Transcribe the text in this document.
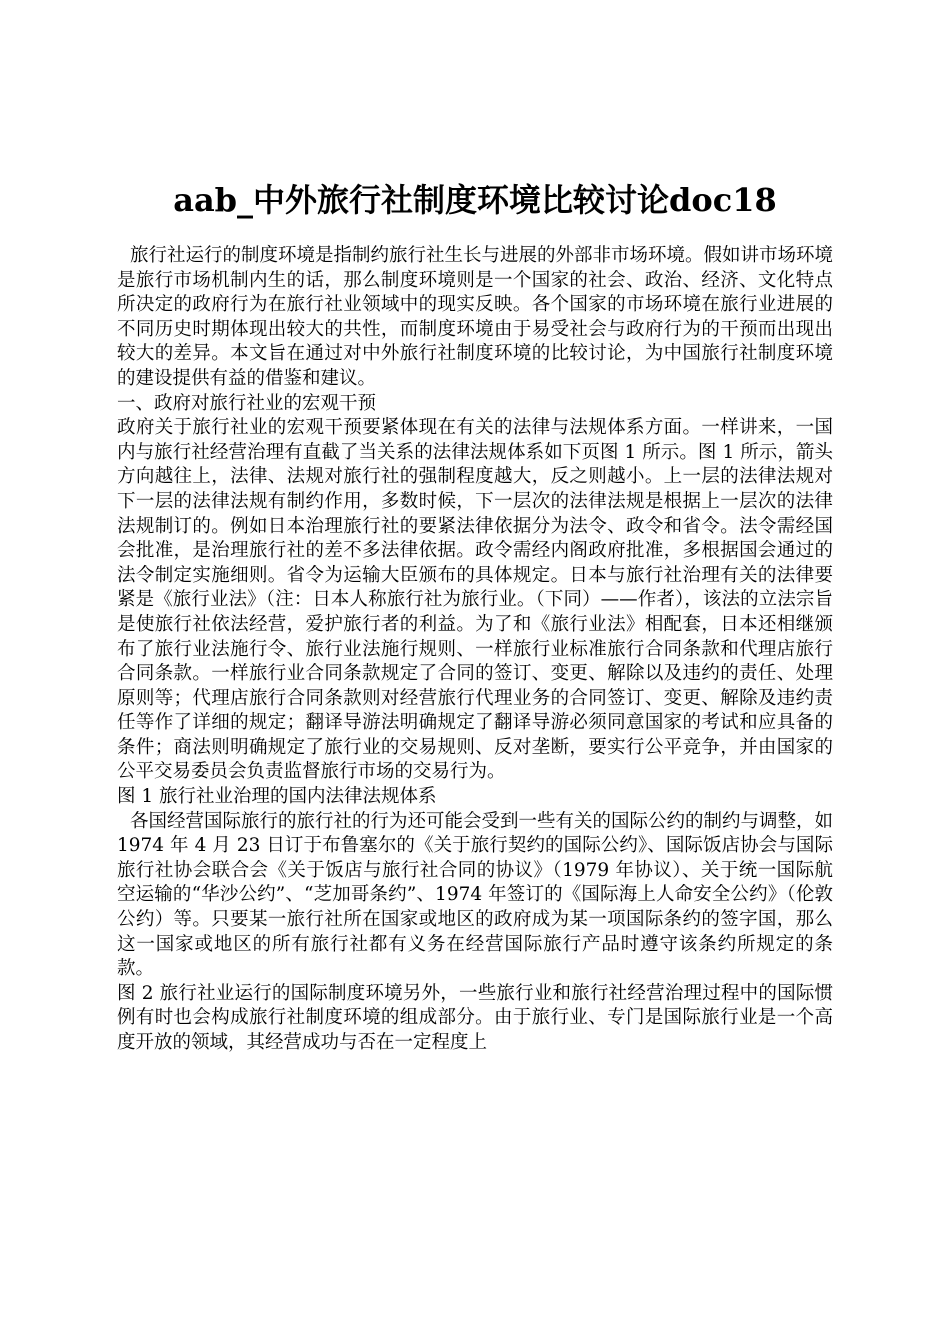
aab_中外旅行社制度环境比较讨论doc18

旅行社运行的制度环境是指制约旅行社生长与进展的外部非市场环境。假如讲市场环境是旅行市场机制内生的话，那么制度环境则是一个国家的社会、政治、经济、文化特点所决定的政府行为在旅行社业领域中的现实反映。各个国家的市场环境在旅行业进展的不同历史时期体现出较大的共性，而制度环境由于易受社会与政府行为的干预而出现出较大的差异。本文旨在通过对中外旅行社制度环境的比较讨论，为中国旅行社制度环境的建设提供有益的借鉴和建议。

一、政府对旅行社业的宏观干预

政府关于旅行社业的宏观干预要紧体现在有关的法律与法规体系方面。一样讲来，一国内与旅行社经营治理有直截了当关系的法律法规体系如下页图 1 所示。图 1 所示，箭头方向越往上，法律、法规对旅行社的强制程度越大，反之则越小。上一层的法律法规对下一层的法律法规有制约作用，多数时候，下一层次的法律法规是根据上一层次的法律法规制订的。例如日本治理旅行社的要紧法律依据分为法令、政令和省令。法令需经国会批准，是治理旅行社的差不多法律依据。政令需经内阁政府批准，多根据国会通过的法令制定实施细则。省令为运输大臣颁布的具体规定。日本与旅行社治理有关的法律要紧是《旅行业法》（注：日本人称旅行社为旅行业。（下同）——作者），该法的立法宗旨是使旅行社依法经营，爱护旅行者的利益。为了和《旅行业法》相配套，日本还相继颁布了旅行业法施行令、旅行业法施行规则、一样旅行业标准旅行合同条款和代理店旅行合同条款。一样旅行业合同条款规定了合同的签订、变更、解除以及违约的责任、处理原则等；代理店旅行合同条款则对经营旅行代理业务的合同签订、变更、解除及违约责任等作了详细的规定；翻译导游法明确规定了翻译导游必须同意国家的考试和应具备的条件；商法则明确规定了旅行业的交易规则、反对垄断，要实行公平竞争，并由国家的公平交易委员会负责监督旅行市场的交易行为。

图 1 旅行社业治理的国内法律法规体系

各国经营国际旅行的旅行社的行为还可能会受到一些有关的国际公约的制约与调整，如 1974 年 4 月 23 日订于布鲁塞尔的《关于旅行契约的国际公约》、国际饭店协会与国际旅行社协会联合会《关于饭店与旅行社合同的协议》（1979 年协议）、关于统一国际航空运输的“华沙公约”、“芝加哥条约”、1974 年签订的《国际海上人命安全公约》（伦敦公约）等。只要某一旅行社所在国家或地区的政府成为某一项国际条约的签字国，那么这一国家或地区的所有旅行社都有义务在经营国际旅行产品时遵守该条约所规定的条款。

图 2 旅行社业运行的国际制度环境另外，一些旅行业和旅行社经营治理过程中的国际惯例有时也会构成旅行社制度环境的组成部分。由于旅行业、专门是国际旅行业是一个高度开放的领域，其经营成功与否在一定程度上
